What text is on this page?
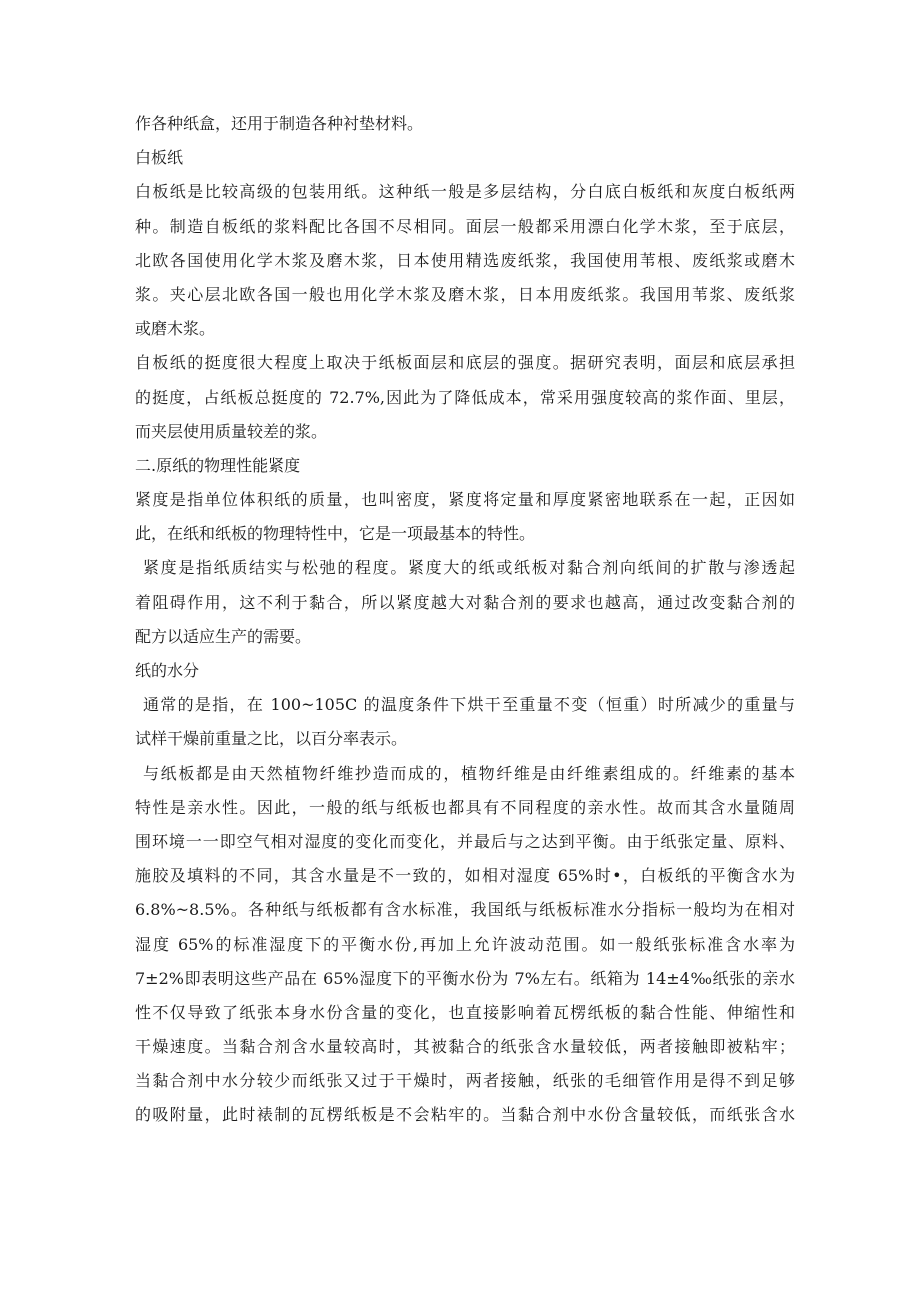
作各种纸盒，还用于制造各种衬垫材料。
白板纸
白板纸是比较高级的包装用纸。这种纸一般是多层结构，分白底白板纸和灰度白板纸两
种。制造自板纸的浆料配比各国不尽相同。面层一般都采用漂白化学木浆，至于底层，
北欧各国使用化学木浆及磨木浆，日本使用精选废纸浆，我国使用苇根、废纸浆或磨木
浆。夹心层北欧各国一般也用化学木浆及磨木浆，日本用废纸浆。我国用苇浆、废纸浆
或磨木浆。
自板纸的挺度很大程度上取决于纸板面层和底层的强度。据研究表明，面层和底层承担
的挺度，占纸板总挺度的 72.7%,因此为了降低成本，常采用强度较高的浆作面、里层，
而夹层使用质量较差的浆。
二.原纸的物理性能紧度
紧度是指单位体积纸的质量，也叫密度，紧度将定量和厚度紧密地联系在一起，正因如
此，在纸和纸板的物理特性中，它是一项最基本的特性。
紧度是指纸质结实与松弛的程度。紧度大的纸或纸板对黏合剂向纸间的扩散与渗透起
着阻碍作用，这不利于黏合，所以紧度越大对黏合剂的要求也越高，通过改变黏合剂的
配方以适应生产的需要。
纸的水分
通常的是指，在 100~105C 的温度条件下烘干至重量不变（恒重）时所减少的重量与
试样干燥前重量之比，以百分率表示。
与纸板都是由天然植物纤维抄造而成的，植物纤维是由纤维素组成的。纤维素的基本
特性是亲水性。因此，一般的纸与纸板也都具有不同程度的亲水性。故而其含水量随周
围环境一一即空气相对湿度的变化而变化，并最后与之达到平衡。由于纸张定量、原料、
施胶及填料的不同，其含水量是不一致的，如相对湿度 65%时•，白板纸的平衡含水为
6.8%~8.5%。各种纸与纸板都有含水标准，我国纸与纸板标准水分指标一般均为在相对
湿度 65%的标准湿度下的平衡水份,再加上允许波动范围。如一般纸张标准含水率为
7±2%即表明这些产品在 65%湿度下的平衡水份为 7%左右。纸箱为 14±4‰纸张的亲水
性不仅导致了纸张本身水份含量的变化，也直接影响着瓦楞纸板的黏合性能、伸缩性和
干燥速度。当黏合剂含水量较高时，其被黏合的纸张含水量较低，两者接触即被粘牢；
当黏合剂中水分较少而纸张又过于干燥时，两者接触，纸张的毛细管作用是得不到足够
的吸附量，此时裱制的瓦楞纸板是不会粘牢的。当黏合剂中水份含量较低，而纸张含水
